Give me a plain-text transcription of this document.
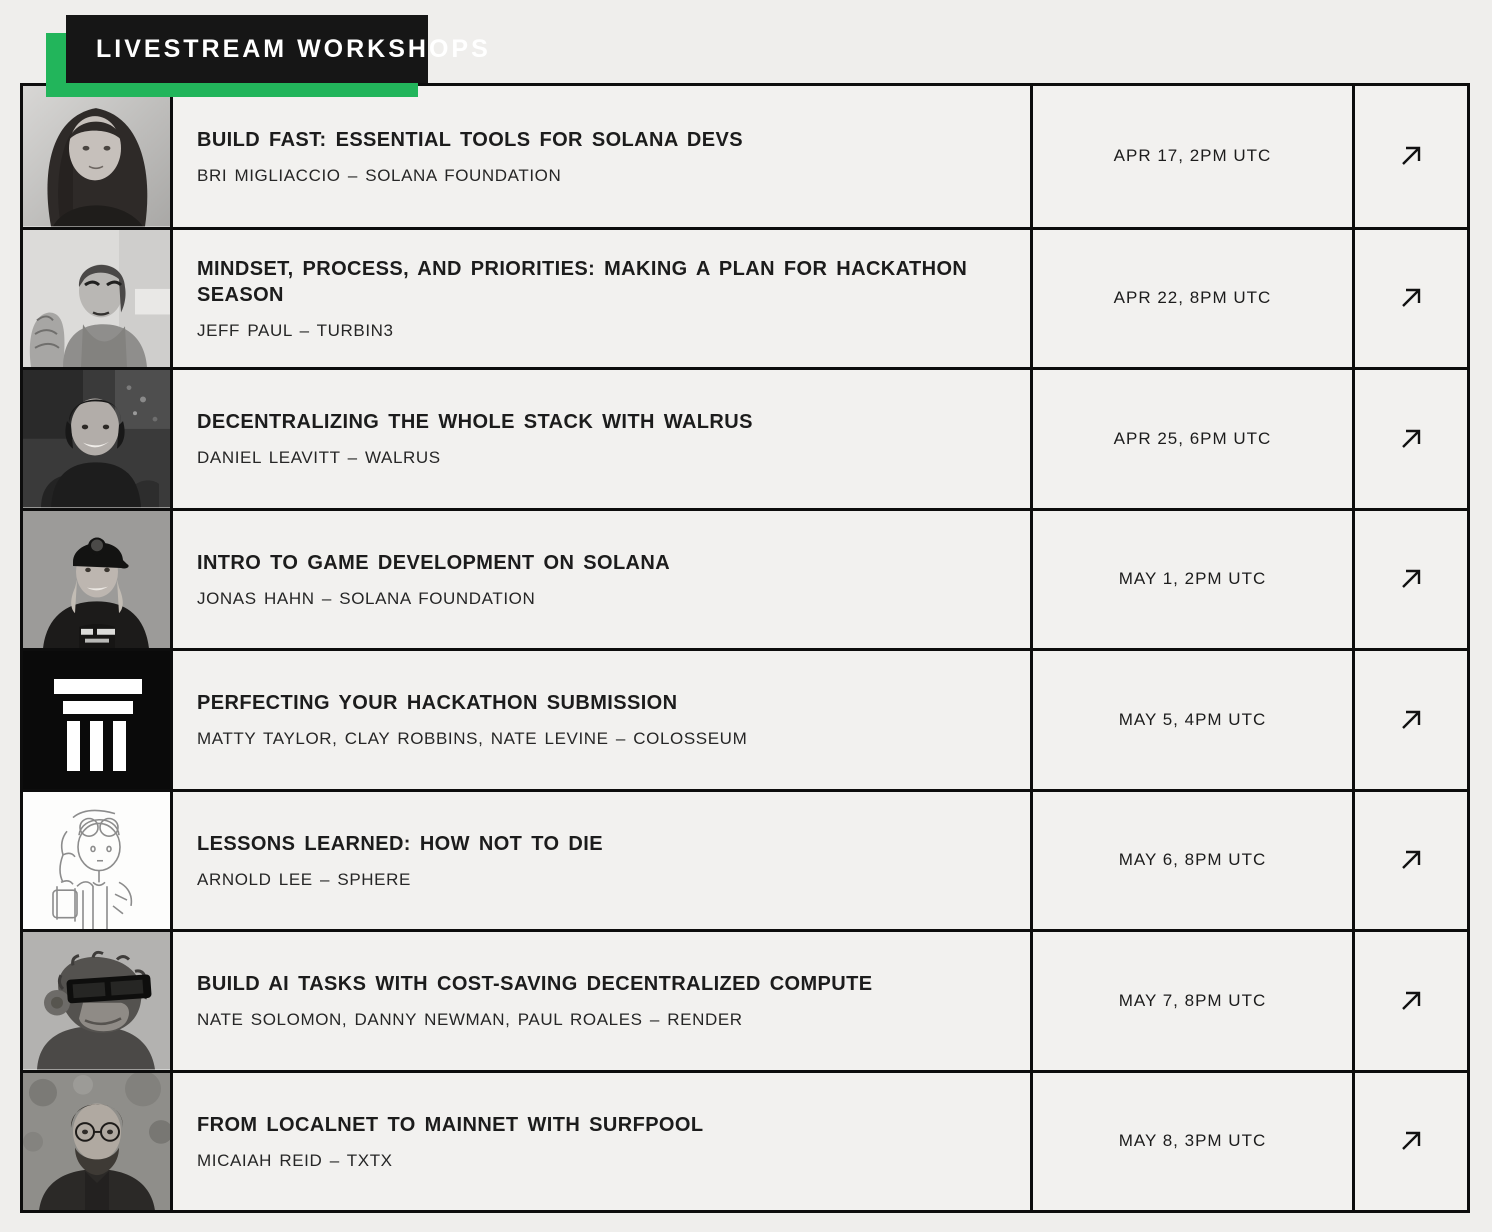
LIVESTREAM WORKSHOPS
BUILD FAST: ESSENTIAL TOOLS FOR SOLANA DEVS
BRI MIGLIACCIO – SOLANA FOUNDATION
APR 17, 2PM UTC
MINDSET, PROCESS, AND PRIORITIES: MAKING A PLAN FOR HACKATHON SEASON
JEFF PAUL – TURBIN3
APR 22, 8PM UTC
DECENTRALIZING THE WHOLE STACK WITH WALRUS
DANIEL LEAVITT – WALRUS
APR 25, 6PM UTC
INTRO TO GAME DEVELOPMENT ON SOLANA
JONAS HAHN – SOLANA FOUNDATION
MAY 1, 2PM UTC
PERFECTING YOUR HACKATHON SUBMISSION
MATTY TAYLOR, CLAY ROBBINS, NATE LEVINE – COLOSSEUM
MAY 5, 4PM UTC
LESSONS LEARNED: HOW NOT TO DIE
ARNOLD LEE – SPHERE
MAY 6, 8PM UTC
BUILD AI TASKS WITH COST-SAVING DECENTRALIZED COMPUTE
NATE SOLOMON, DANNY NEWMAN, PAUL ROALES – RENDER
MAY 7, 8PM UTC
FROM LOCALNET TO MAINNET WITH SURFPOOL
MICAIAH REID – TXTX
MAY 8, 3PM UTC
